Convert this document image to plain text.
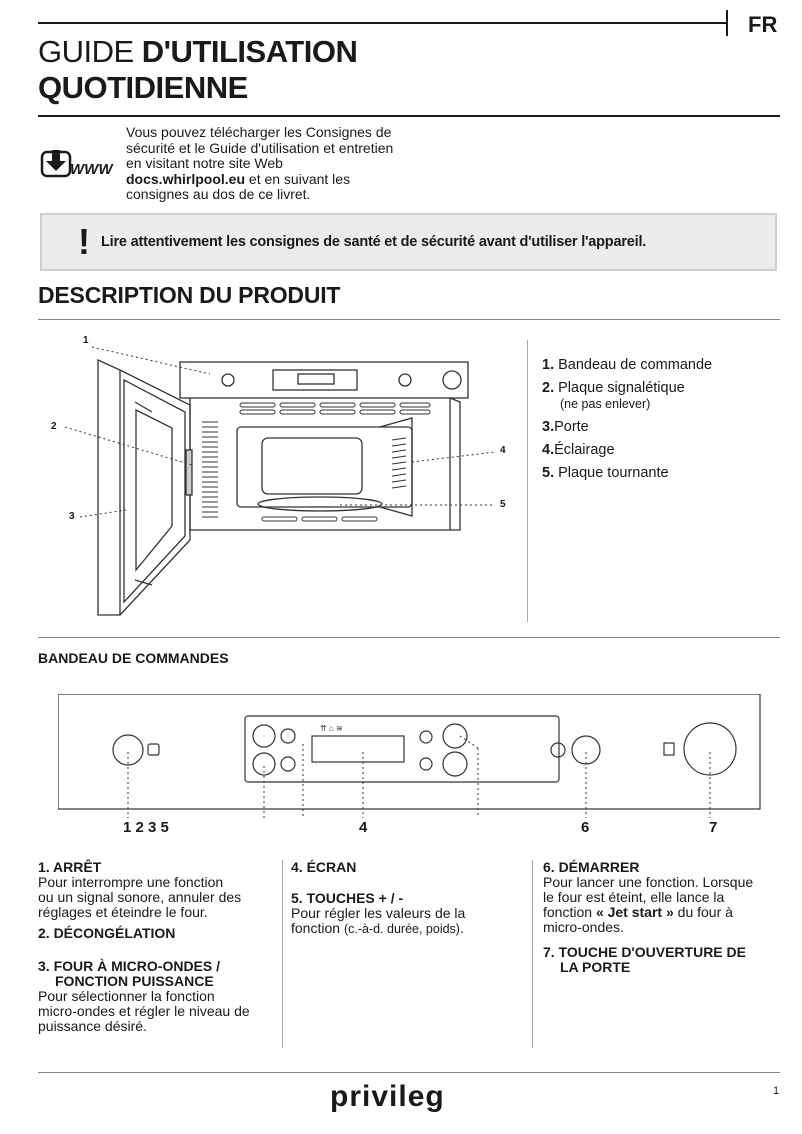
FR
GUIDE D'UTILISATION
QUOTIDIENNE
WWW
Vous pouvez télécharger les Consignes de
sécurité et le Guide d'utilisation et entretien
en visitant notre site Web
docs.whirlpool.eu et en suivant les
consignes au dos de ce livret.
! Lire attentivement les consignes de santé et de sécurité avant d'utiliser l'appareil.
DESCRIPTION DU PRODUIT
1
2
3
4
5
1. Bandeau de commande
2. Plaque signalétique
(ne pas enlever)
3.Porte
4.Éclairage
5. Plaque tournante
BANDEAU DE COMMANDES
⇈ ⌂ ≋
1 2 3 5	4	6	7
1. ARRÊT

Pour interrompre une fonction
ou un signal sonore, annuler des
réglages et éteindre le four.

2. DÉCONGÉLATION
3. FOUR À MICRO-ONDES /
FONCTION PUISSANCE

Pour sélectionner la fonction
micro-ondes et régler le niveau de
puissance désiré.

4. ÉCRAN
5. TOUCHES + / -

Pour régler les valeurs de la
fonction (c.-à-d. durée, poids).

6. DÉMARRER

Pour lancer une fonction. Lorsque
le four est éteint, elle lance la
fonction « Jet start » du four à
micro-ondes.

7. TOUCHE D'OUVERTURE DE
LA PORTE
privileg	1
